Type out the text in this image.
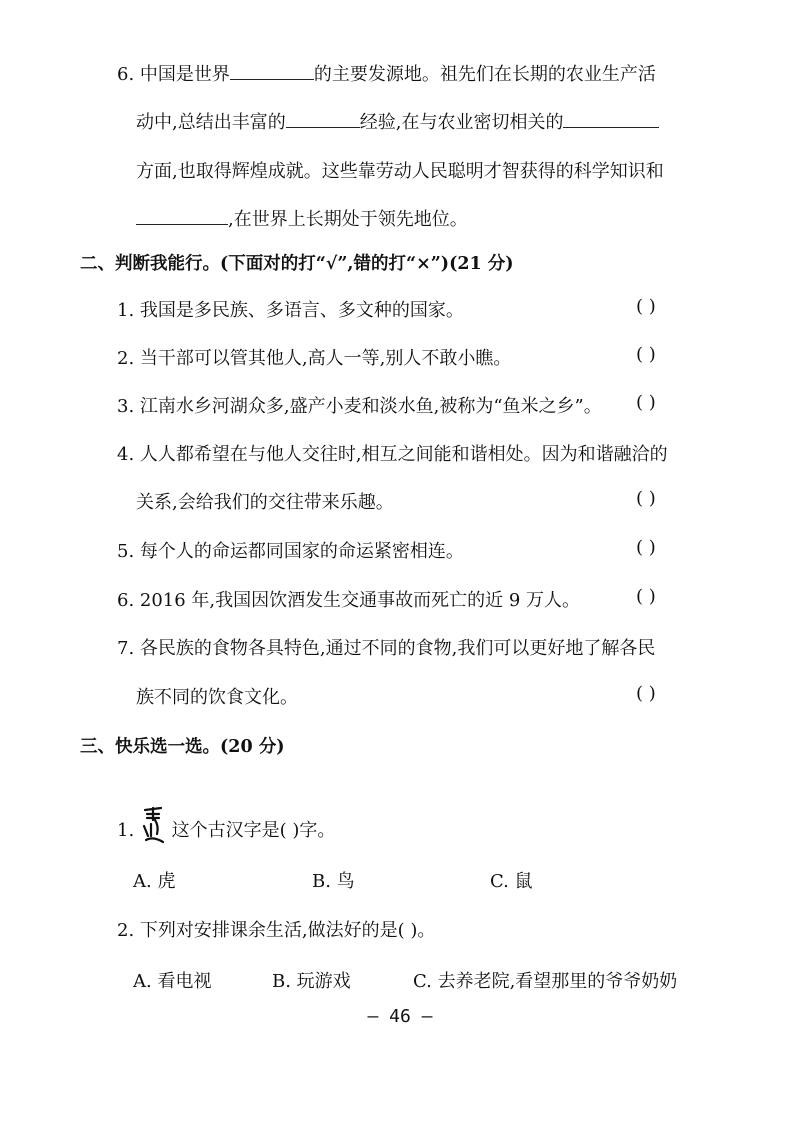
6. 中国是世界	的主要发源地。祖先们在长期的农业生产活
动中,总结出丰富的	经验,在与农业密切相关的
方面,也取得辉煌成就。这些靠劳动人民聪明才智获得的科学知识和
,在世界上长期处于领先地位。
二、判断我能行。(下面对的打“√”,错的打“×”)(21 分)
1. 我国是多民族、多语言、多文种的国家。	( )
2. 当干部可以管其他人,高人一等,别人不敢小瞧。	( )
3. 江南水乡河湖众多,盛产小麦和淡水鱼,被称为“鱼米之乡”。 ( )
4. 人人都希望在与他人交往时,相互之间能和谐相处。因为和谐融洽的
关系,会给我们的交往带来乐趣。	( )
5. 每个人的命运都同国家的命运紧密相连。	( )
6. 2016 年,我国因饮酒发生交通事故而死亡的近 9 万人。	( )
7. 各民族的食物各具特色,通过不同的食物,我们可以更好地了解各民
族不同的饮食文化。	( )
三、快乐选一选。(20 分)
1. 这个古汉字是( )字。
A. 虎	B. 鸟	C. 鼠
2. 下列对安排课余生活,做法好的是( )。
A. 看电视	B. 玩游戏	C. 去养老院,看望那里的爷爷奶奶
— 46 —
